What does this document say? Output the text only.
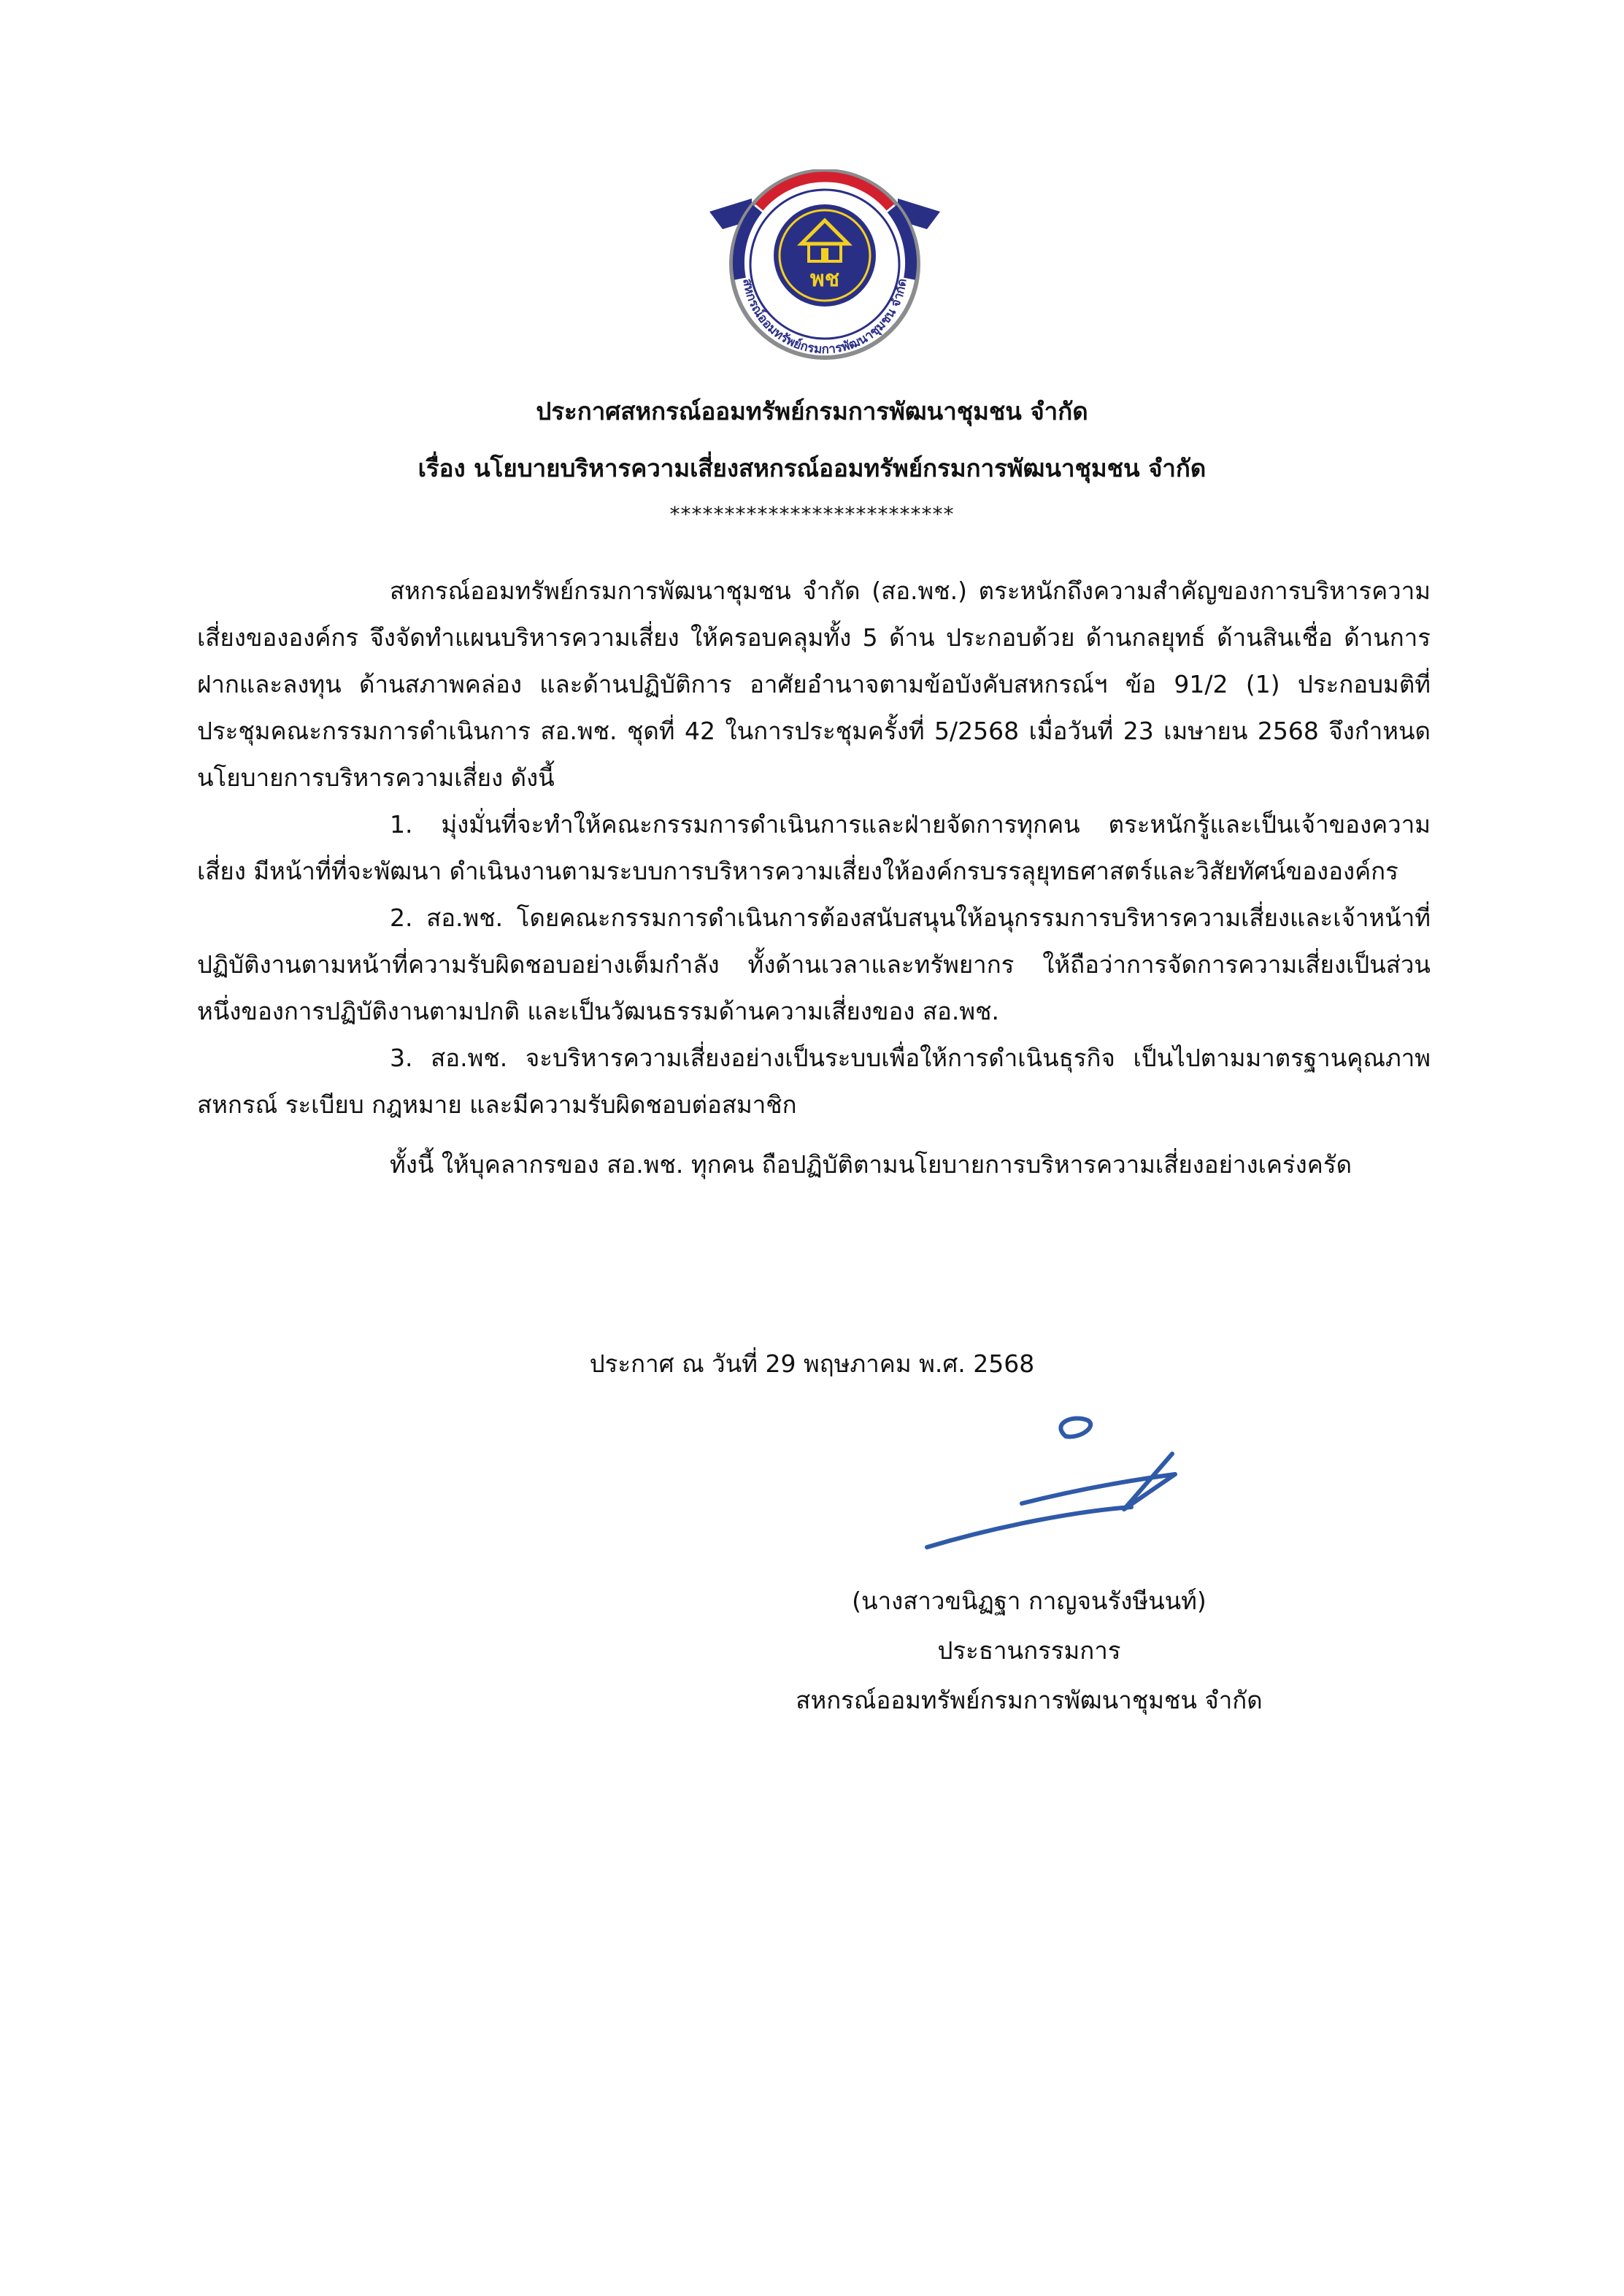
พช
สหกรณ์ออมทรัพย์กรมการพัฒนาชุมชน จำกัด
ประกาศสหกรณ์ออมทรัพย์กรมการพัฒนาชุมชน จำกัด
เรื่อง นโยบายบริหารความเสี่ยงสหกรณ์ออมทรัพย์กรมการพัฒนาชุมชน จำกัด
**************************

สหกรณ์ออมทรัพย์กรมการพัฒนาชุมชน จำกัด (สอ.พช.) ตระหนักถึงความสำคัญของการบริหารความเสี่ยงขององค์กร จึงจัดทำแผนบริหารความเสี่ยง ให้ครอบคลุมทั้ง 5 ด้าน ประกอบด้วย ด้านกลยุทธ์ ด้านสินเชื่อ ด้านการฝากและลงทุน ด้านสภาพคล่อง และด้านปฏิบัติการ อาศัยอำนาจตามข้อบังคับสหกรณ์ฯ ข้อ 91/2 (1) ประกอบมติที่ประชุมคณะกรรมการดำเนินการ สอ.พช. ชุดที่ 42 ในการประชุมครั้งที่ 5/2568 เมื่อวันที่ 23 เมษายน 2568 จึงกำหนดนโยบายการบริหารความเสี่ยง ดังนี้

1. มุ่งมั่นที่จะทำให้คณะกรรมการดำเนินการและฝ่ายจัดการทุกคน ตระหนักรู้และเป็นเจ้าของความเสี่ยง มีหน้าที่ที่จะพัฒนา ดำเนินงานตามระบบการบริหารความเสี่ยงให้องค์กรบรรลุยุทธศาสตร์และวิสัยทัศน์ขององค์กร

2. สอ.พช. โดยคณะกรรมการดำเนินการต้องสนับสนุนให้อนุกรรมการบริหารความเสี่ยงและเจ้าหน้าที่ปฏิบัติงานตามหน้าที่ความรับผิดชอบอย่างเต็มกำลัง ทั้งด้านเวลาและทรัพยากร ให้ถือว่าการจัดการความเสี่ยงเป็นส่วนหนึ่งของการปฏิบัติงานตามปกติ และเป็นวัฒนธรรมด้านความเสี่ยงของ สอ.พช.

3. สอ.พช. จะบริหารความเสี่ยงอย่างเป็นระบบเพื่อให้การดำเนินธุรกิจ เป็นไปตามมาตรฐานคุณภาพสหกรณ์ ระเบียบ กฎหมาย และมีความรับผิดชอบต่อสมาชิก

ทั้งนี้ ให้บุคลากรของ สอ.พช. ทุกคน ถือปฏิบัติตามนโยบายการบริหารความเสี่ยงอย่างเคร่งครัด

ประกาศ ณ วันที่ 29 พฤษภาคม พ.ศ. 2568
(นางสาวขนิฏฐา กาญจนรังษีนนท์)
ประธานกรรมการ
สหกรณ์ออมทรัพย์กรมการพัฒนาชุมชน จำกัด
